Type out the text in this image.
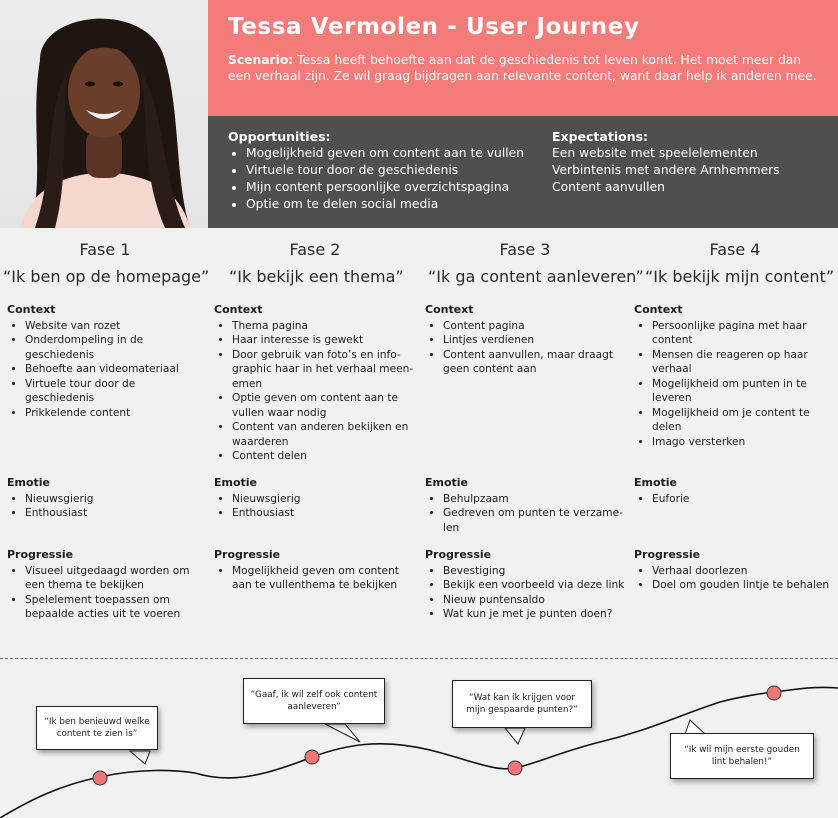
Tessa Vermolen - User Journey
Scenario: Tessa heeft behoefte aan dat de geschiedenis tot leven komt. Het moet meer dan een verhaal zijn. Ze wil graag bijdragen aan relevante content, want daar help ik anderen mee.
Opportunities:
• Mogelijkheid geven om content aan te vullen
• Virtuele tour door de geschiedenis
• Mijn content persoonlijke overzichtspagina
• Optie om te delen social media
Expectations:
Een website met speelelementen
Verbintenis met andere Arnhemmers
Content aanvullen
Fase 1
“Ik ben op de homepage”
Context
• Website van rozet
• Onderdompeling in de geschiedenis
• Behoefte aan videomateriaal
• Virtuele tour door de geschiedenis
• Prikkelende content
Emotie
• Nieuwsgierig
• Enthousiast
Progressie
• Visueel uitgedaagd worden om een thema te bekijken
• Spelelement toepassen om bepaalde acties uit te voeren
Fase 2
“Ik bekijk een thema”
Context
• Thema pagina
• Haar interesse is gewekt
• Door gebruik van foto’s en info-graphic haar in het verhaal meen-emen
• Optie geven om content aan te vullen waar nodig
• Content van anderen bekijken en waarderen
• Content delen
Emotie
• Nieuwsgierig
• Enthousiast
Progressie
• Mogelijkheid geven om content aan te vullenthema te bekijken
Fase 3
“Ik ga content aanleveren”
Context
• Content pagina
• Lintjes verdienen
• Content aanvullen, maar draagt geen content aan
Emotie
• Behulpzaam
• Gedreven om punten te verzame-len
Progressie
• Bevestiging
• Bekijk een voorbeeld via deze link
• Nieuw puntensaldo
• Wat kun je met je punten doen?
Fase 4
“Ik bekijk mijn content”
Context
• Persoonlijke pagina met haar content
• Mensen die reageren op haar verhaal
• Mogelijkheid om punten in te leveren
• Mogelijkheid om je content te delen
• Imago versterken
Emotie
• Euforie
Progressie
• Verhaal doorlezen
• Doel om gouden lintje te behalen
“Ik ben benieuwd welke content te zien is”
“Gaaf, ik wil zelf ook content aanleveren”
“Wat kan ik krijgen voor mijn gespaarde punten?”
“Ik wil mijn eerste gouden lint behalen!”
